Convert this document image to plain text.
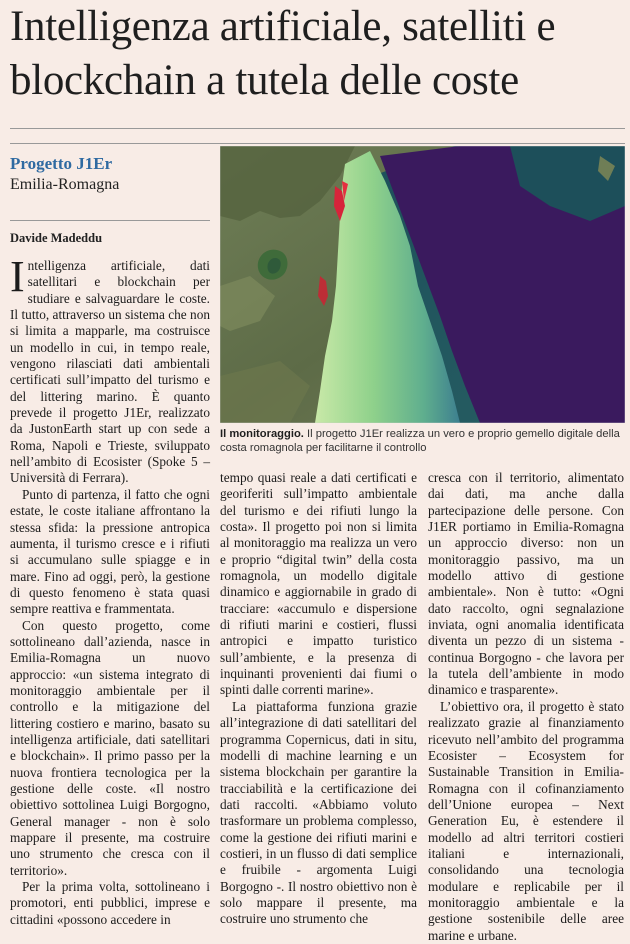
Intelligenza artificiale, satelliti e blockchain a tutela delle coste
Progetto J1Er
Emilia-Romagna
Davide Madeddu

Intelligenza artificiale, dati satellitari e blockchain per studiare e salvaguardare le coste. Il tutto, attraverso un sistema che non si limita a mapparle, ma costruisce un modello in cui, in tempo reale, vengono rilasciati dati ambientali certificati sull’impatto del turismo e del littering marino. È quanto prevede il progetto J1Er, realizzato da JustonEarth start up con sede a Roma, Napoli e Trieste, sviluppato nell’ambito di Ecosister (Spoke 5 – Università di Ferrara).

Punto di partenza, il fatto che ogni estate, le coste italiane affrontano la stessa sfida: la pressione antropica aumenta, il turismo cresce e i rifiuti si accumulano sulle spiagge e in mare. Fino ad oggi, però, la gestione di questo fenomeno è stata quasi sempre reattiva e frammentata.

Con questo progetto, come sottolineano dall’azienda, nasce in Emilia-Romagna un nuovo approccio: «un sistema integrato di monitoraggio ambientale per il controllo e la mitigazione del littering costiero e marino, basato su intelligenza artificiale, dati satellitari e blockchain». Il primo passo per la nuova frontiera tecnologica per la gestione delle coste. «Il nostro obiettivo sottolinea Luigi Borgogno, General manager - non è solo mappare il presente, ma costruire uno strumento che cresca con il territorio».

Per la prima volta, sottolineano i promotori, enti pubblici, imprese e cittadini «possono accedere in

Il monitoraggio. Il progetto J1Er realizza un vero e proprio gemello digitale della costa romagnola per facilitarne il controllo

tempo quasi reale a dati certificati e georiferiti sull’impatto ambientale del turismo e dei rifiuti lungo la costa». Il progetto poi non si limita al monitoraggio ma realizza un vero e proprio “digital twin” della costa romagnola, un modello digitale dinamico e aggiornabile in grado di tracciare: «accumulo e dispersione di rifiuti marini e costieri, flussi antropici e impatto turistico sull’ambiente, e la presenza di inquinanti provenienti dai fiumi o spinti dalle correnti marine».

La piattaforma funziona grazie all’integrazione di dati satellitari del programma Copernicus, dati in situ, modelli di machine learning e un sistema blockchain per garantire la tracciabilità e la certificazione dei dati raccolti. «Abbiamo voluto trasformare un problema complesso, come la gestione dei rifiuti marini e costieri, in un flusso di dati semplice e fruibile - argomenta Luigi Borgogno -. Il nostro obiettivo non è solo mappare il presente, ma costruire uno strumento che

cresca con il territorio, alimentato dai dati, ma anche dalla partecipazione delle persone. Con J1ER portiamo in Emilia-Romagna un approccio diverso: non un monitoraggio passivo, ma un modello attivo di gestione ambientale». Non è tutto: «Ogni dato raccolto, ogni segnalazione inviata, ogni anomalia identificata diventa un pezzo di un sistema - continua Borgogno - che lavora per la tutela dell’ambiente in modo dinamico e trasparente».

L’obiettivo ora, il progetto è stato realizzato grazie al finanziamento ricevuto nell’ambito del programma Ecosister – Ecosystem for Sustainable Transition in Emilia-Romagna con il cofinanziamento dell’Unione europea – Next Generation Eu, è estendere il modello ad altri territori costieri italiani e internazionali, consolidando una tecnologia modulare e replicabile per il monitoraggio ambientale e la gestione sostenibile delle aree marine e urbane.
